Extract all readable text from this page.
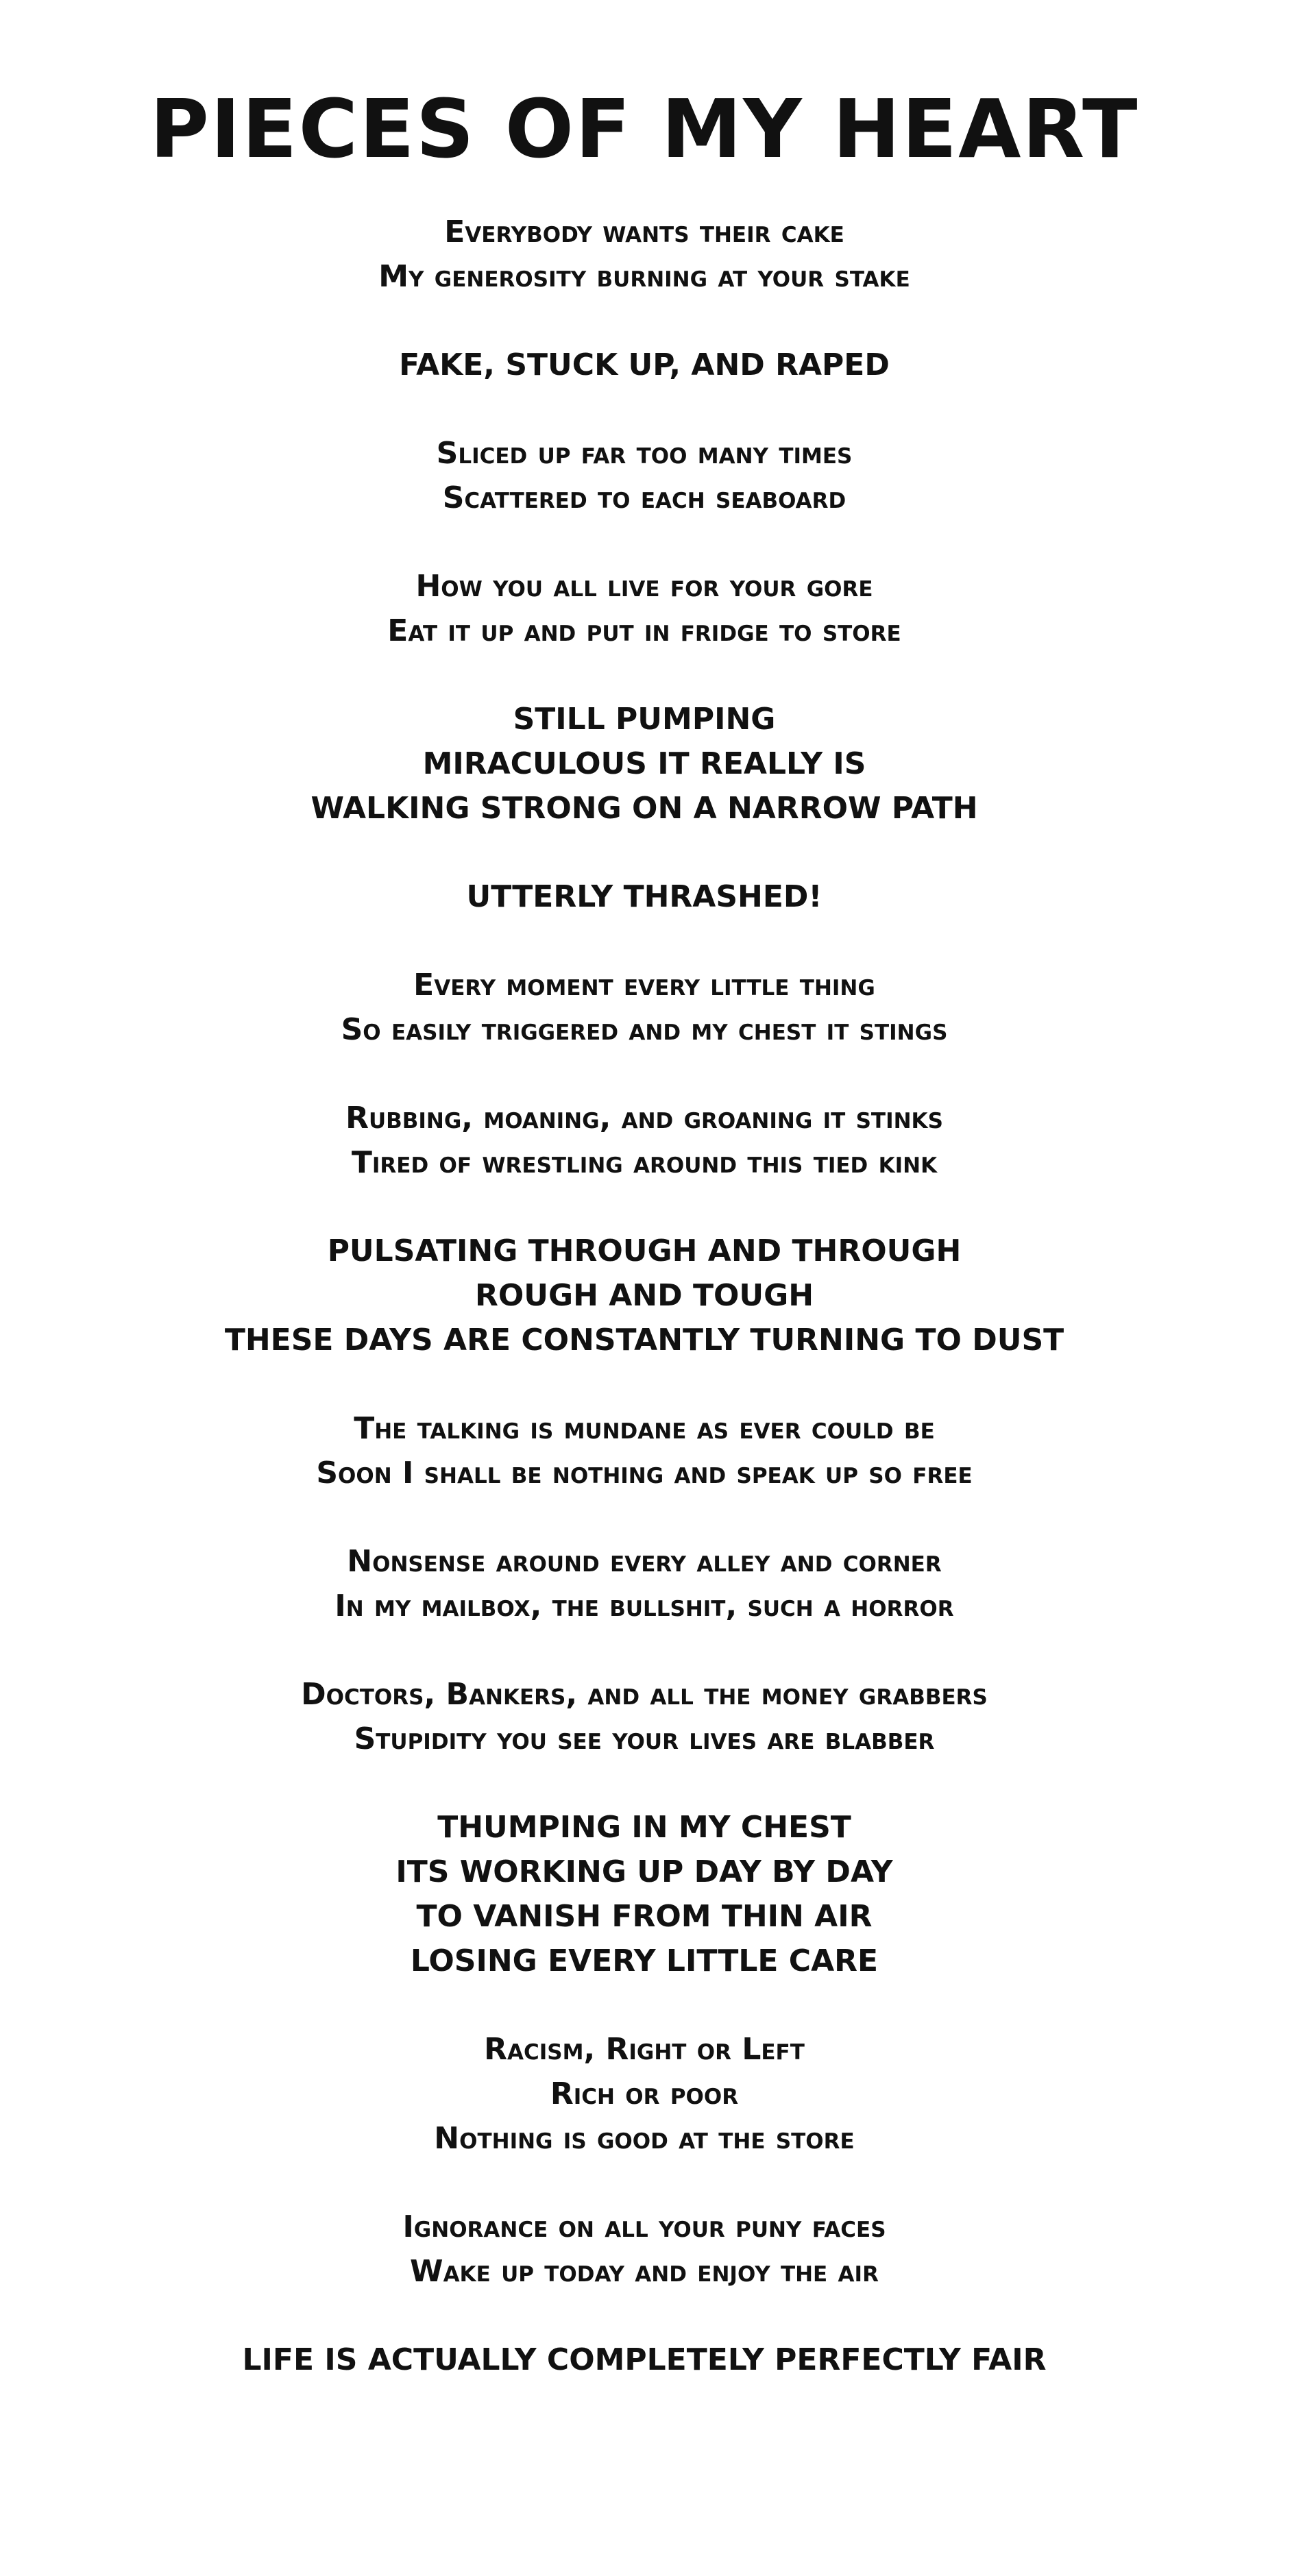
PIECES OF MY HEART
Everybody wants their cake
My generosity burning at your stake
FAKE, STUCK UP, AND RAPED
Sliced up far too many times
Scattered to each seaboard
How you all live for your gore
Eat it up and put in fridge to store
STILL PUMPING
MIRACULOUS IT REALLY IS
WALKING STRONG ON A NARROW PATH
UTTERLY THRASHED!
Every moment every little thing
So easily triggered and my chest it stings
Rubbing, moaning, and groaning it stinks
Tired of wrestling around this tied kink
PULSATING THROUGH AND THROUGH
ROUGH AND TOUGH
THESE DAYS ARE CONSTANTLY TURNING TO DUST
The talking is mundane as ever could be
Soon I shall be nothing and speak up so free
Nonsense around every alley and corner
In my mailbox, the bullshit, such a horror
Doctors, Bankers, and all the money grabbers
Stupidity you see your lives are blabber
THUMPING IN MY CHEST
ITS WORKING UP DAY BY DAY
TO VANISH FROM THIN AIR
LOSING EVERY LITTLE CARE
Racism, Right or Left
Rich or poor
Nothing is good at the store
Ignorance on all your puny faces
Wake up today and enjoy the air
LIFE IS ACTUALLY COMPLETELY PERFECTLY FAIR
